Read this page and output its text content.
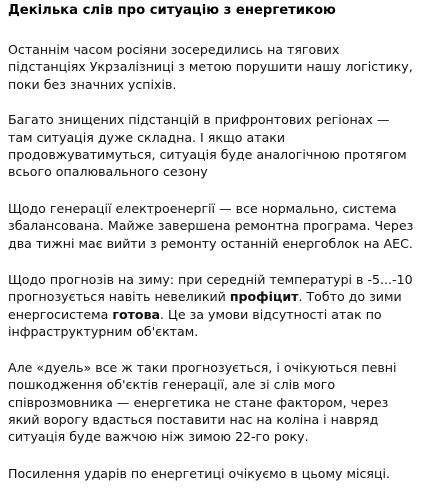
Декілька слів про ситуацію з енергетикою

Останнім часом росіяни зосередились на тягових підстанціях Укрзалізниці з метою порушити нашу логістику, поки без значних успіхів.

Багато знищених підстанцій в прифронтових регіонах — там ситуація дуже складна. І якщо атаки продовжуватимуться, ситуація буде аналогічною протягом всього опалювального сезону

Щодо генерації електроенергії — все нормально, система збалансована. Майже завершена ремонтна програма. Через два тижні має вийти з ремонту останній енергоблок на АЕС.

Щодо прогнозів на зиму: при середній температурі в -5...-10 прогнозується навіть невеликий профіцит. Тобто до зими енергосистема готова. Це за умови відсутності атак по інфраструктурним об'єктам.

Але «дуель» все ж таки прогнозується, і очікуються певні пошкодження об'єктів генерації, але зі слів мого співрозмовника — енергетика не стане фактором, через який ворогу вдасться поставити нас на коліна і навряд ситуація буде важчою ніж зимою 22-го року.

Посилення ударів по енергетиці очікуємо в цьому місяці.
